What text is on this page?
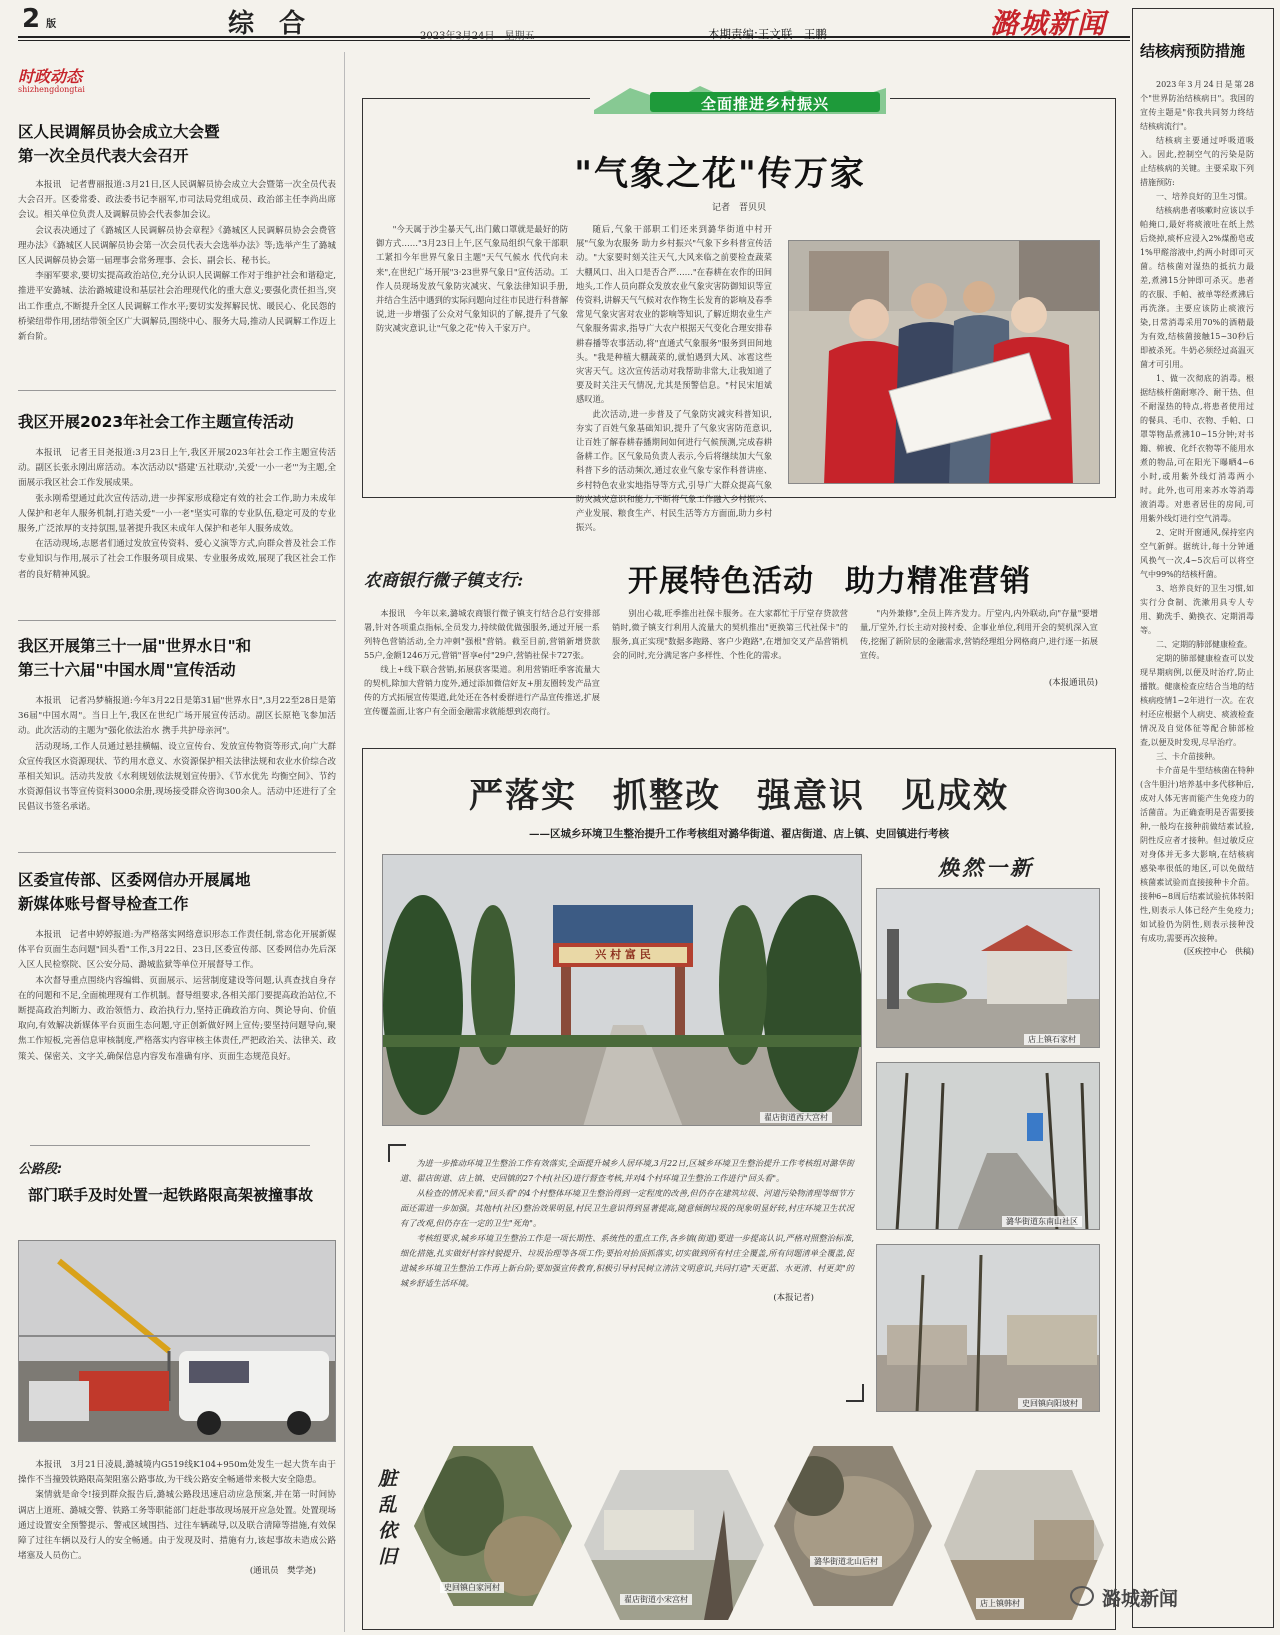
2 版	综 合	2023年3月24日　星期五	本期责编:王文联　王鹏	潞城新闻
时政动态
shizhengdongtai
区人民调解员协会成立大会暨
第一次全员代表大会召开
本报讯　记者曹丽报道:3月21日,区人民调解员协会成立大会暨第一次全员代表大会召开。区委常委、政法委书记李丽军,市司法局党组成员、政治部主任李尚出席会议。相关单位负责人及调解员协会代表参加会议。
会议表决通过了《潞城区人民调解员协会章程》《潞城区人民调解员协会会费管理办法》《潞城区人民调解员协会第一次会员代表大会选举办法》等;选举产生了潞城区人民调解员协会第一届理事会常务理事、会长、副会长、秘书长。
李丽军要求,要切实提高政治站位,充分认识人民调解工作对于维护社会和谐稳定,推进平安潞城、法治潞城建设和基层社会治理现代化的重大意义;要强化责任担当,突出工作重点,不断提升全区人民调解工作水平;要切实发挥解民忧、暖民心、化民怨的桥梁纽带作用,团结带领全区广大调解员,围绕中心、服务大局,推动人民调解工作迈上新台阶。
我区开展2023年社会工作主题宣传活动
本报讯　记者王目尧报道:3月23日上午,我区开展2023年社会工作主题宣传活动。副区长张永刚出席活动。本次活动以"搭建'五社联动',关爱'一小一老'"为主题,全面展示我区社会工作发展成果。
张永刚希望通过此次宣传活动,进一步挥家形成稳定有效的社会工作,助力未成年人保护和老年人服务机制,打造关爱"一小一老"坚实可靠的专业队伍,稳定可及的专业服务,广泛浓厚的支持氛围,显著提升我区未成年人保护和老年人服务成效。
在活动现场,志愿者们通过发放宣传资料、爱心义演等方式,向群众普及社会工作专业知识与作用,展示了社会工作服务项目成果、专业服务成效,展现了我区社会工作者的良好精神风貌。
我区开展第三十一届"世界水日"和
第三十六届"中国水周"宣传活动
本报讯　记者冯梦楠报道:今年3月22日是第31届"世界水日",3月22至28日是第36届"中国水周"。当日上午,我区在世纪广场开展宣传活动。副区长原艳飞参加活动。此次活动的主题为"强化依法治水 携手共护母亲河"。
活动现场,工作人员通过悬挂横幅、设立宣传台、发放宣传物资等形式,向广大群众宣传我区水资源现状、节约用水意义、水资源保护相关法律法规和农业水价综合改革相关知识。活动共发放《水利规划依法规划宣传册》、《节水优先 均衡空间》、节约水资源倡议书等宣传资料3000余册,现场接受群众咨询300余人。活动中还进行了全民倡议书签名承诺。
区委宣传部、区委网信办开展属地
新媒体账号督导检查工作
本报讯　记者申婷婷报道:为严格落实网络意识形态工作责任制,常态化开展新媒体平台页面生态问题"回头看"工作,3月22日、23日,区委宣传部、区委网信办先后深入区人民检察院、区公安分局、潞城监狱等单位开展督导工作。
本次督导重点围绕内容编辑、页面展示、运营制度建设等问题,认真查找自身存在的问题和不足,全面梳理现有工作机制。督导组要求,各相关部门要提高政治站位,不断提高政治判断力、政治领悟力、政治执行力,坚持正确政治方向、舆论导向、价值取向,有效解决新媒体平台页面生态问题,守正创新做好网上宣传;要坚持问题导向,聚焦工作短板,完善信息审核制度,严格落实内容审核主体责任,严把政治关、法律关、政策关、保密关、文字关,确保信息内容发布准确有序、页面生态规范良好。
公路段:
部门联手及时处置一起铁路限高架被撞事故
本报讯　3月21日凌晨,潞城境内G519线K104+950m处发生一起大货车由于操作不当撞毁铁路限高架阻塞公路事故,为干线公路安全畅通带来极大安全隐患。
案情就是命令!接到群众报告后,潞城公路段迅速启动应急预案,并在第一时间协调店上道班、潞城交警、铁路工务等职能部门赶赴事故现场展开应急处置。处置现场通过设置安全预警提示、警戒区域围挡、过往车辆疏导,以及联合清障等措施,有效保障了过往车辆以及行人的安全畅通。由于发现及时、措施有力,该起事故未造成公路堵塞及人员伤亡。
(通讯员　樊学尧)
全面推进乡村振兴
"气象之花"传万家
记者　晋贝贝
"今天属于沙尘暴天气,出门戴口罩就是最好的防御方式……"3月23日上午,区气象局组织气象干部职工紧扣今年世界气象日主题"天气气候水 代代向未来",在世纪广场开展"3·23世界气象日"宣传活动。工作人员现场发放气象防灾减灾、气象法律知识手册,并结合生活中遇到的实际问题向过往市民进行科普解说,进一步增强了公众对气象知识的了解,提升了气象防灾减灾意识,让"气象之花"传入千家万户。
随后,气象干部职工们还来到潞华街道中村开展"气象为农服务 助力乡村振兴"气象下乡科普宣传活动。"大家要时刻关注天气,大风来临之前要检查蔬菜大棚风口、出入口是否合严……"在春耕在农作的田间地头,工作人员向群众发放农业气象灾害防御知识等宣传资料,讲解天气气候对农作物生长发育的影响及春季常见气象灾害对农业的影响等知识,了解近期农业生产气象服务需求,指导广大农户根据天气变化合理安排春耕春播等农事活动,将"直通式气象服务"服务到田间地头。"我是种植大棚蔬菜的,就怕遇到大风、冰雹这些灾害天气。这次宣传活动对我帮助非常大,让我知道了要及时关注天气情况,尤其是预警信息。"村民宋旭斌感叹道。
此次活动,进一步普及了气象防灾减灾科普知识,夯实了百姓气象基础知识,提升了气象灾害防范意识,让百姓了解春耕春播期间如何进行气候预测,完成春耕备耕工作。区气象局负责人表示,今后将继续加大气象科普下乡的活动频次,通过农业气象专家作科普讲座、乡村特色农业实地指导等方式,引导广大群众提高气象防灾减灾意识和能力,不断将气象工作融入乡村振兴、产业发展、粮食生产、村民生活等方方面面,助力乡村振兴。
农商银行微子镇支行:	开展特色活动　助力精准营销
本报讯　今年以来,潞城农商银行微子镇支行结合总行安排部署,针对各项重点指标,全员发力,持续做优做强服务,通过开展一系列特色营销活动,全力冲刺"强根"营销。截至目前,营销新增贷款55户,金额1246万元,营销"晋享e付"29户,营销社保卡727张。
线上+线下联合营销,拓展获客渠道。利用营销旺季客流量大的契机,除加大营销力度外,通过添加微信好友+朋友圈转发产品宣传的方式拓展宣传渠道,此处还在各村委群进行产品宣传推送,扩展宣传覆盖面,让客户有全面金融需求就能想到农商行。
别出心裁,旺季推出社保卡服务。在大家都忙于厅堂存贷款营销时,微子镇支行利用人流量大的契机推出"更换第三代社保卡"的服务,真正实现"数据多跑路、客户少跑路",在增加交叉产品营销机会的同时,充分满足客户多样性、个性化的需求。
"内外兼修",全员上阵齐发力。厅堂内,内外联动,向"存量"要增量,厅堂外,行长主动对接村委、企事业单位,利用开会的契机深入宣传,挖掘了新阶层的金融需求,营销经理组分网格商户,进行逐一拓展宣传。
(本报通讯员)
严落实　抓整改　强意识　见成效
——区城乡环境卫生整治提升工作考核组对潞华街道、翟店街道、店上镇、史回镇进行考核
兴 村 富 民
翟店街道西大宫村
焕然一新
店上镇石家村
潞华街道东南山社区
史回镇向阳坡村
为进一步推动环境卫生整治工作有效落实,全面提升城乡人居环境,3月22日,区城乡环境卫生整治提升工作考核组对潞华街道、翟店街道、店上镇、史回镇的27个村(社区)进行督查考核,并对4个村环境卫生整治工作进行"回头看"。
从检查的情况来看,"回头看"的4个村整体环境卫生整治得到一定程度的改善,但仍存在建筑垃圾、河道污染物清理等细节方面还需进一步加强。其他村(社区)整治效果明显,村民卫生意识得到显著提高,随意倾倒垃圾的现象明显好转,村庄环境卫生状况有了改观,但仍存在一定的卫生"死角"。
考核组要求,城乡环境卫生整治工作是一项长期性、系统性的重点工作,各乡镇(街道)要进一步提高认识,严格对照整治标准,细化措施,扎实做好村容村貌提升、垃圾治理等各项工作;要抬对抬顶抓落实,切实做到所有村庄全覆盖,所有问题清单全覆盖,促进城乡环境卫生整治工作再上新台阶;要加强宣传教育,积极引导村民树立清洁文明意识,共同打造"天更蓝、水更清、村更美"的城乡舒适生活环境。
(本报记者)
脏乱依旧
史回镇白家河村
翟店街道小宋宫村
潞华街道北山后村
店上镇韩村	潞城新闻
结核病预防措施
2023年3月24日是第28个"世界防治结核病日"。我国的宣传主题是"你我共同努力终结结核病流行"。
结核病主要通过呼吸道吸入。因此,控制空气的污染是防止结核病的关键。主要采取下列措施预防:
一、培养良好的卫生习惯。
结核病患者咳嗽时应该以手帕掩口,最好将痰液吐在纸上然后烧掉,痰杯应浸入2%煤酚皂或1%甲醛溶液中,约两小时即可灭菌。结核菌对湿热的抵抗力最差,煮沸15分钟即可杀灭。患者的衣服、手帕、被单等经煮沸后再洗涤。主要应该防止痰液污染,日常消毒采用70%的酒精最为有效,结核菌接触15~30秒后即被杀死。牛奶必须经过高温灭菌才可引用。
1、做一次彻底的消毒。根据结核杆菌耐寒冷、耐干热、但不耐湿热的特点,将患者使用过的餐具、毛巾、衣物、手帕、口罩等物品煮沸10~15分钟;对书籍、棉被、化纤衣物等不能用水煮的物品,可在阳光下曝晒4~6小时,或用紫外线灯消毒两小时。此外,也可用来苏水等消毒液消毒。对患者居住的房间,可用紫外线灯进行空气消毒。
2、定时开窗通风,保持室内空气新鲜。据统计,每十分钟通风换气一次,4~5次后可以将空气中99%的结核杆菌。
3、培养良好的卫生习惯,如实行分食制、洗漱用具专人专用、勤洗手、勤换衣、定期消毒等。
二、定期的肺部健康检查。
定期的肺部健康检查可以发现早期病例,以便及时治疗,防止播散。健康检查应结合当地的结核病疫情1~2年进行一次。在农村还应根据个人病史、痰液检查情况及自觉体征等配合肺部检查,以便及时发现,尽早治疗。
三、卡介苗接种。
卡介苗是牛型结核菌在特种(含牛胆汁)培养基中多代移种后,成对人体无害而能产生免疫力的活菌苗。为正确查明是否需要接种,一般均在接种前做结素试验,阴性反应者才接种。但过敏反应对身体并无多大影响,在结核病感染率很低的地区,可以免做结核菌素试验而直接接种卡介苗。接种6~8周后结素试验抗体转阳性,则表示人体已经产生免疫力;如试验仍为阴性,则表示接种没有成功,需要再次接种。
(区疾控中心　供稿)
